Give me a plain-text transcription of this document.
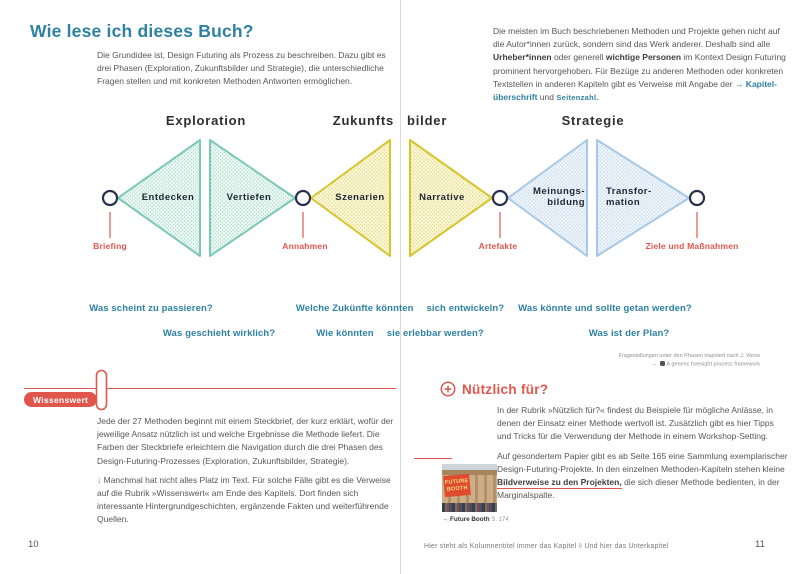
Wie lese ich dieses Buch?
Die Grundidee ist, Design Futuring als Prozess zu beschreiben. Dazu gibt es drei Phasen (Exploration, Zukunftsbilder und Strategie), die unterschiedliche Fragen stellen und mit konkreten Methoden Antworten ermöglichen.
Die meisten im Buch beschriebenen Methoden und Projekte gehen nicht auf die Autor*innen zurück, sondern sind das Werk anderer. Deshalb sind alle Urheber*innen oder generell wichtige Personen im Kontext Design Futuring prominent hervorgehoben. Für Bezüge zu anderen Methoden oder konkreten Textstellen in anderen Kapiteln gibt es Verweise mit Angabe der → Kapitel-überschrift und Seitenzahl.
Exploration	Zukunfts bilder	Strategie
Entdecken	Vertiefen	Szenarien	Narrative
Meinungs-
bildung
Transfor-
mation
Briefing	Annahmen	Artefakte	Ziele und Maßnahmen
Was scheint zu passieren?
Was geschieht wirklich?
Welche Zukünfte könnten sich entwickeln?
Wie könnten sie erlebbar werden?
Was könnte und sollte getan werden?
Was ist der Plan?
Fragestellungen unter den Phasen inspiriert nach J. Voros
→ A generic foresight process framework
Wissenswert
Jede der 27 Methoden beginnt mit einem Steckbrief, der kurz erklärt, wofür der jeweilige Ansatz nützlich ist und welche Ergebnisse die Methode liefert. Die Farben der Steckbriefe erleichtern die Navigation durch die drei Phasen des Design-Futuring-Prozesses (Exploration, Zukunftsbilder, Strategie).
↓ Manchmal hat nicht alles Platz im Text. Für solche Fälle gibt es die Verweise auf die Rubrik »Wissenswert« am Ende des Kapitels. Dort finden sich interessante Hintergrundgeschichten, ergänzende Fakten und weiterführende Quellen.
Nützlich für?
In der Rubrik »Nützlich für?« findest du Beispiele für mögliche Anlässe, in denen der Einsatz einer Methode wertvoll ist. Zusätzlich gibt es hier Tipps und Tricks für die Verwendung der Methode in einem Workshop-Setting.
Auf gesondertem Papier gibt es ab Seite 165 eine Sammlung exemplarischer Design-Futuring-Projekte. In den einzelnen Methoden-Kapiteln stehen kleine Bildverweise zu den Projekten, die sich dieser Methode bedienten, in der Marginalspalte.
FUTURE
BOOTH
→ Future Booth S. 174
10	Hier steht als Kolumnentitel immer das Kapitel ◊ Und hier das Unterkapitel	11
